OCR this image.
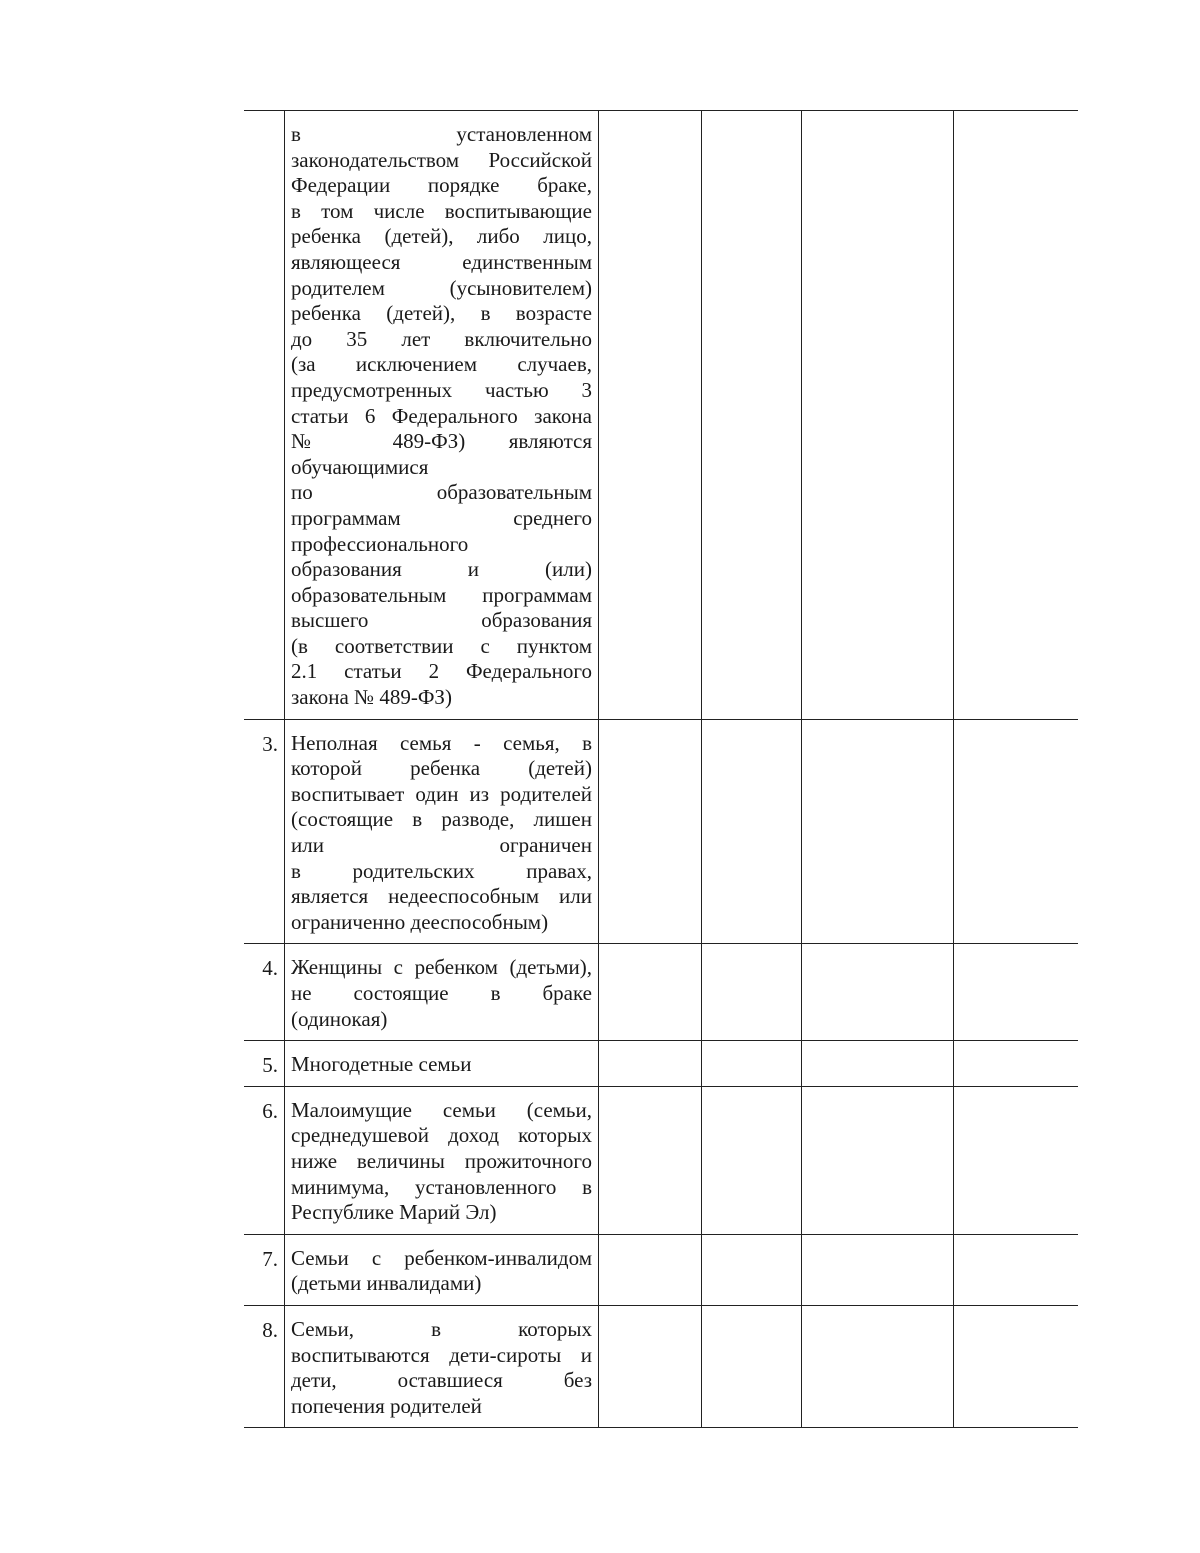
в установленном
законодательством Российской
Федерации порядке браке,
в том числе воспитывающие
ребенка (детей), либо лицо,
являющееся единственным
родителем (усыновителем)
ребенка (детей), в возрасте
до 35 лет включительно
(за исключением случаев,
предусмотренных частью 3
статьи 6 Федерального закона
№ 489-ФЗ) являются
обучающимися
по образовательным
программам среднего
профессионального
образования и (или)
образовательным программам
высшего образования
(в соответствии с пунктом
2.1 статьи 2 Федерального
закона № 489-ФЗ)
3. Неполная семья - семья, в
которой ребенка (детей)
воспитывает один из родителей
(состоящие в разводе, лишен
или ограничен
в родительских правах,
является недееспособным или
ограниченно дееспособным)
4. Женщины с ребенком (детьми),
не состоящие в браке
(одинокая)
5. Многодетные семьи
6. Малоимущие семьи (семьи,
среднедушевой доход которых
ниже величины прожиточного
минимума, установленного в
Республике Марий Эл)
7. Семьи с ребенком-инвалидом
(детьми инвалидами)
8. Семьи, в которых
воспитываются дети-сироты и
дети, оставшиеся без
попечения родителей
